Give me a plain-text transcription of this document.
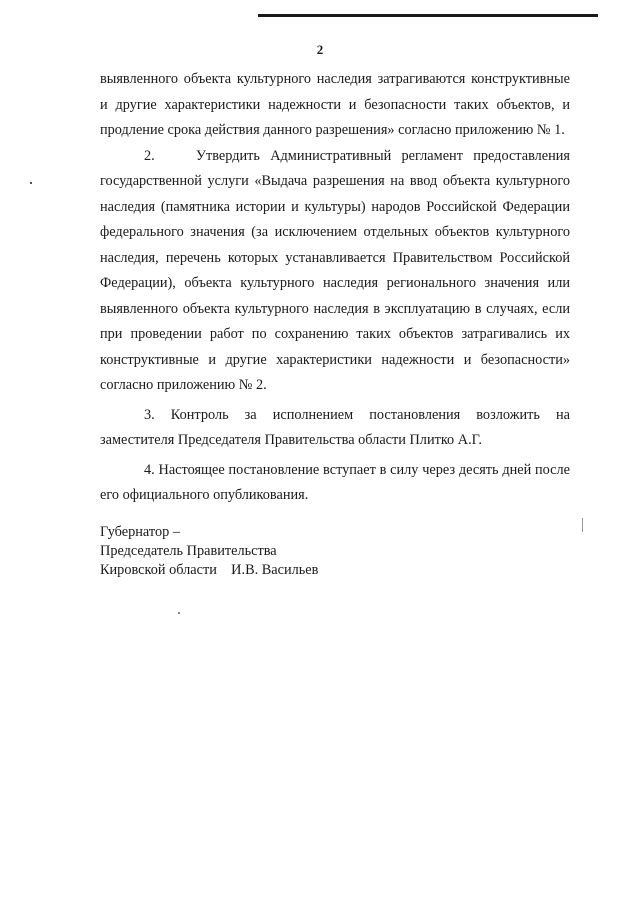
2

выявленного объекта культурного наследия затрагиваются конструктивные и другие характеристики надежности и безопасности таких объектов, и продление срока действия данного разрешения» согласно приложению № 1.

2.    Утвердить Административный регламент предоставления государственной услуги «Выдача разрешения на ввод объекта культурного наследия (памятника истории и культуры) народов Российской Федерации федерального значения (за исключением отдельных объектов культурного наследия, перечень которых устанавливается Правительством Российской Федерации), объекта культурного наследия регионального значения или выявленного объекта культурного наследия в эксплуатацию в случаях, если при проведении работ по сохранению таких объектов затрагивались их конструктивные и другие характеристики надежности и безопасности» согласно приложению № 2.

3. Контроль за исполнением постановления возложить на заместителя Председателя Правительства области Плитко А.Г.

4. Настоящее постановление вступает в силу через десять дней после его официального опубликования.

Губернатор –
Председатель Правительства
Кировской области    И.В. Васильев
